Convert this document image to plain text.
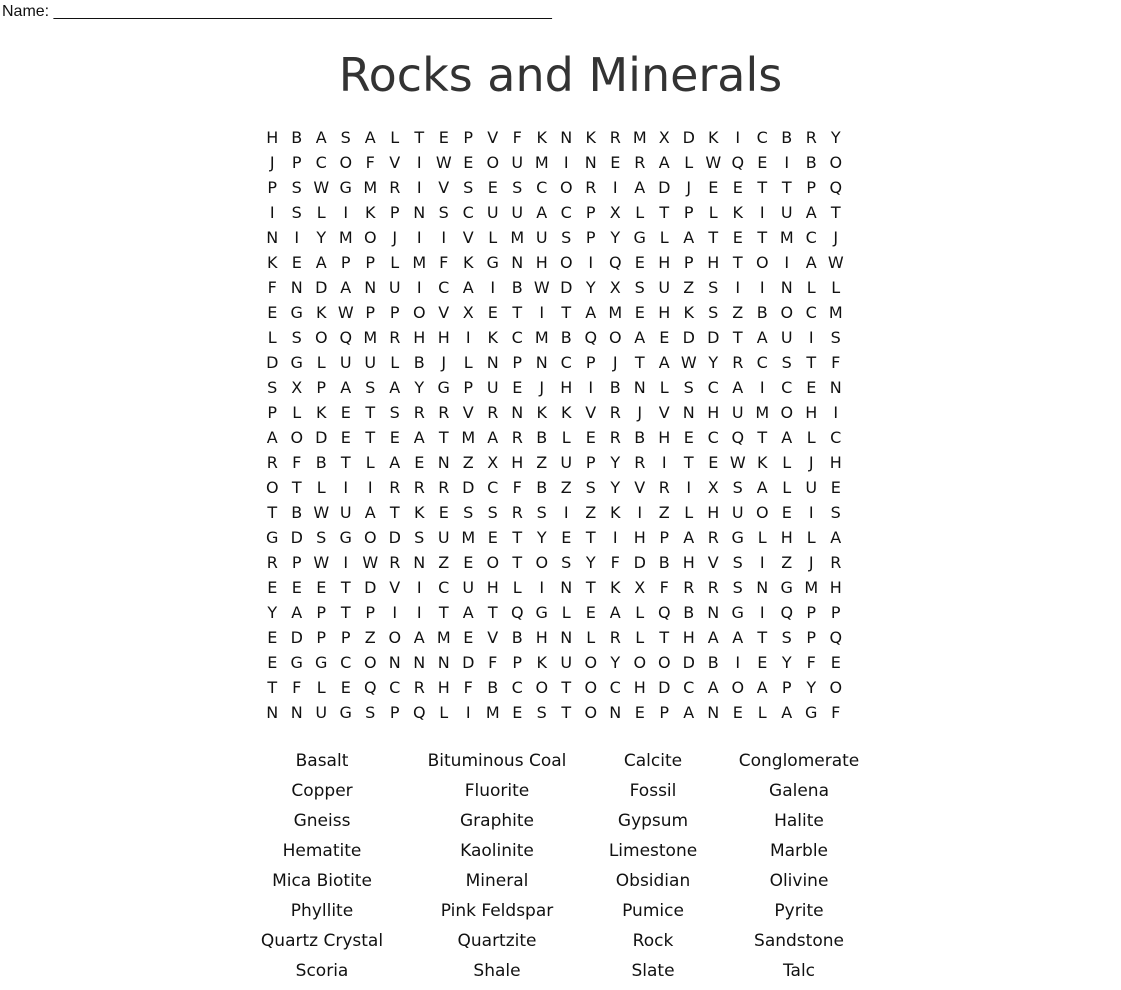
Name: ________________________________________________________
Rocks and Minerals
H B A S A L T E P V F K N K R M X D K	I	C B R Y
J	P C O F V	I W E O U M I	N E R A L W Q E	I	B O
P S W G M R	I	V S E S C O R	I	A D J	E E T T P Q
I	S L	I	K P N S C U U A C P X L T P L K	I	U A T
N	I	Y M O J	I	I	V L M U S P Y G L A T E T M C	J
K E A P P L M F K G N H O I Q E H P H T O I	A W
F N D A N U	I	C A	I	B W D Y X S U Z S	I	I	N L L
E G K W P P O V X E T	I	T A M E H K S Z B O C M
L S O Q M R H H	I	K C M B Q O A E D D T A U	I	S
D G L U U L B	J	L N P N C P	J	T A W Y R C S T F
S X P A S A Y G P U E	J	H	I	B N L S C A	I	C E N
P L K E T S R R V R N K K V R	J	V N H U M O H	I
A O D E T E A T M A R B L E R B H E C Q T A L C
R F B T L A E N Z X H Z U P Y R	I	T E W K L	J	H
O T L	I	I	R R R D C F B Z S Y V R	I	X S A L U E
T B W U A T K E S S R S	I	Z K	I	Z L H U O E	I	S
G D S G O D S U M E T Y E T	I	H P A R G L H L A
R P W I W R N Z E O T O S Y F D B H V S	I	Z	J	R
E E E T D V	I	C U H L	I	N T K X F R R S N G M H
Y A P T P	I	I	T A T Q G L E A L Q B N G I Q P P
E D P P Z O A M E V B H N L R L T H A A T S P Q
E G G C O N N N D F P K U O Y O O D B	I	E Y F E
T F L E Q C R H F B C O T O C H D C A O A P Y O
N N U G S P Q L	I M E S T O N E P A N E L A G F
Basalt	Bituminous Coal	Calcite	Conglomerate
Copper	Fluorite	Fossil	Galena
Gneiss	Graphite	Gypsum	Halite
Hematite	Kaolinite	Limestone	Marble
Mica Biotite	Mineral	Obsidian	Olivine
Phyllite	Pink Feldspar	Pumice	Pyrite
Quartz Crystal	Quartzite	Rock	Sandstone
Scoria	Shale	Slate	Talc
